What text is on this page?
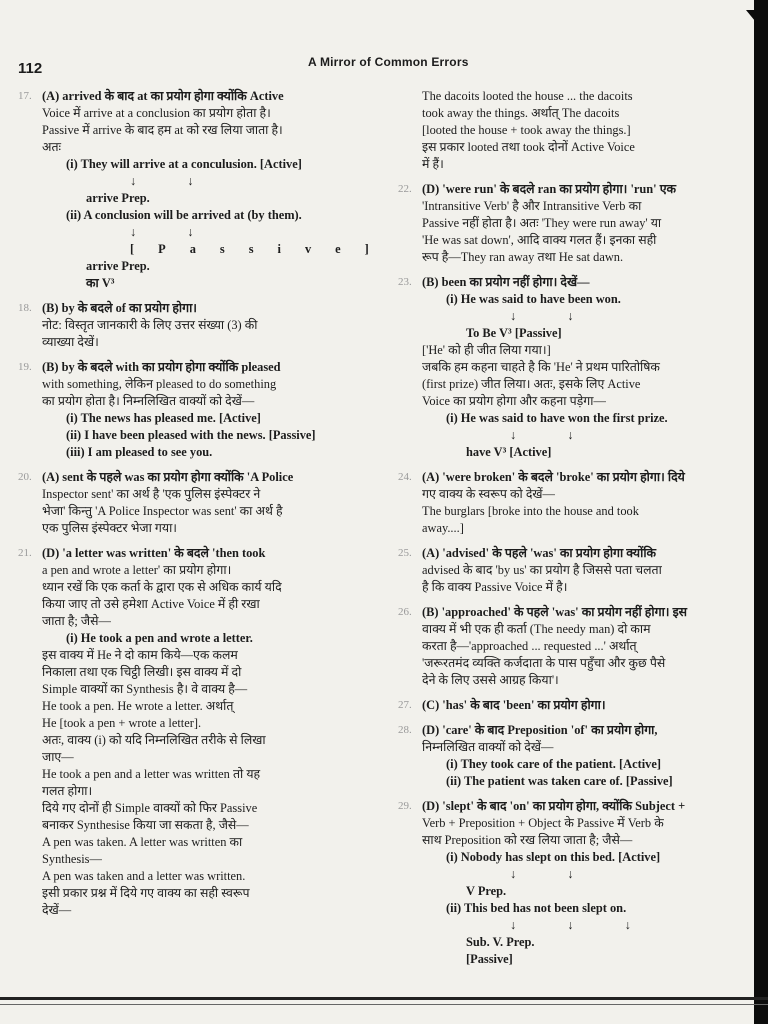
112	A Mirror of Common Errors
17. (A) arrived के बाद at का प्रयोग होगा क्योंकि Active
Voice में arrive at a conclusion का प्रयोग होता है।
Passive में arrive के बाद हम at को रख लिया जाता है।
अतः
(i) They will arrive at a conculusion. [Active]
↓ ↓
arrive Prep.
(ii) A conclusion will be arrived at (by them).
↓ ↓ [Passive]
arrive Prep.
का V³
18. (B) by के बदले of का प्रयोग होगा।
नोट: विस्तृत जानकारी के लिए उत्तर संख्या (3) की
व्याख्या देखें।
19. (B) by के बदले with का प्रयोग होगा क्योंकि pleased
with something, लेकिन pleased to do something
का प्रयोग होता है। निम्नलिखित वाक्यों को देखें—
(i) The news has pleased me. [Active]
(ii) I have been pleased with the news. [Passive]
(iii) I am pleased to see you.
20. (A) sent के पहले was का प्रयोग होगा क्योंकि 'A Police
Inspector sent' का अर्थ है 'एक पुलिस इंस्पेक्टर ने
भेजा' किन्तु 'A Police Inspector was sent' का अर्थ है
एक पुलिस इंस्पेक्टर भेजा गया।
21. (D) 'a letter was written' के बदले 'then took
a pen and wrote a letter' का प्रयोग होगा।
ध्यान रखें कि एक कर्ता के द्वारा एक से अधिक कार्य यदि
किया जाए तो उसे हमेशा Active Voice में ही रखा
जाता है; जैसे—
(i) He took a pen and wrote a letter.
इस वाक्य में He ने दो काम किये—एक कलम
निकाला तथा एक चिट्ठी लिखी। इस वाक्य में दो
Simple वाक्यों का Synthesis है। वे वाक्य है—
He took a pen. He wrote a letter. अर्थात्
He [took a pen + wrote a letter].
अतः, वाक्य (i) को यदि निम्नलिखित तरीके से लिखा
जाए—
He took a pen and a letter was written तो यह
गलत होगा।
दिये गए दोनों ही Simple वाक्यों को फिर Passive
बनाकर Synthesise किया जा सकता है, जैसे—
A pen was taken. A letter was written का
Synthesis—
A pen was taken and a letter was written.
इसी प्रकार प्रश्न में दिये गए वाक्य का सही स्वरूप
देखें—
The dacoits looted the house ... the dacoits
took away the things. अर्थात् The dacoits
[looted the house + took away the things.]
इस प्रकार looted तथा took दोनों Active Voice
में हैं।
22. (D) 'were run' के बदले ran का प्रयोग होगा। 'run' एक
'Intransitive Verb' है और Intransitive Verb का
Passive नहीं होता है। अतः 'They were run away' या
'He was sat down', आदि वाक्य गलत हैं। इनका सही
रूप है—They ran away तथा He sat dawn.
23. (B) been का प्रयोग नहीं होगा। देखें—
(i) He was said to have been won.
↓ ↓
To Be V³ [Passive]
['He' को ही जीत लिया गया।]
जबकि हम कहना चाहते है कि 'He' ने प्रथम पारितोषिक
(first prize) जीत लिया। अतः, इसके लिए Active
Voice का प्रयोग होगा और कहना पड़ेगा—
(i) He was said to have won the first prize.
↓ ↓
have V³ [Active]
24. (A) 'were broken' के बदले 'broke' का प्रयोग होगा। दिये
गए वाक्य के स्वरूप को देखें—
The burglars [broke into the house and took
away....]
25. (A) 'advised' के पहले 'was' का प्रयोग होगा क्योंकि
advised के बाद 'by us' का प्रयोग है जिससे पता चलता
है कि वाक्य Passive Voice में है।
26. (B) 'approached' के पहले 'was' का प्रयोग नहीं होगा। इस
वाक्य में भी एक ही कर्ता (The needy man) दो काम
करता है—'approached ... requested ...' अर्थात्
'जरूरतमंद व्यक्ति कर्जदाता के पास पहुँचा और कुछ पैसे
देने के लिए उससे आग्रह किया'।
27. (C) 'has' के बाद 'been' का प्रयोग होगा।
28. (D) 'care' के बाद Preposition 'of' का प्रयोग होगा,
निम्नलिखित वाक्यों को देखें—
(i) They took care of the patient. [Active]
(ii) The patient was taken care of. [Passive]
29. (D) 'slept' के बाद 'on' का प्रयोग होगा, क्योंकि Subject +
Verb + Preposition + Object के Passive में Verb के
साथ Preposition को रख लिया जाता है; जैसे—
(i) Nobody has slept on this bed. [Active]
↓ ↓
V Prep.
(ii) This bed has not been slept on.
↓ ↓ ↓
Sub. V. Prep.
[Passive]
